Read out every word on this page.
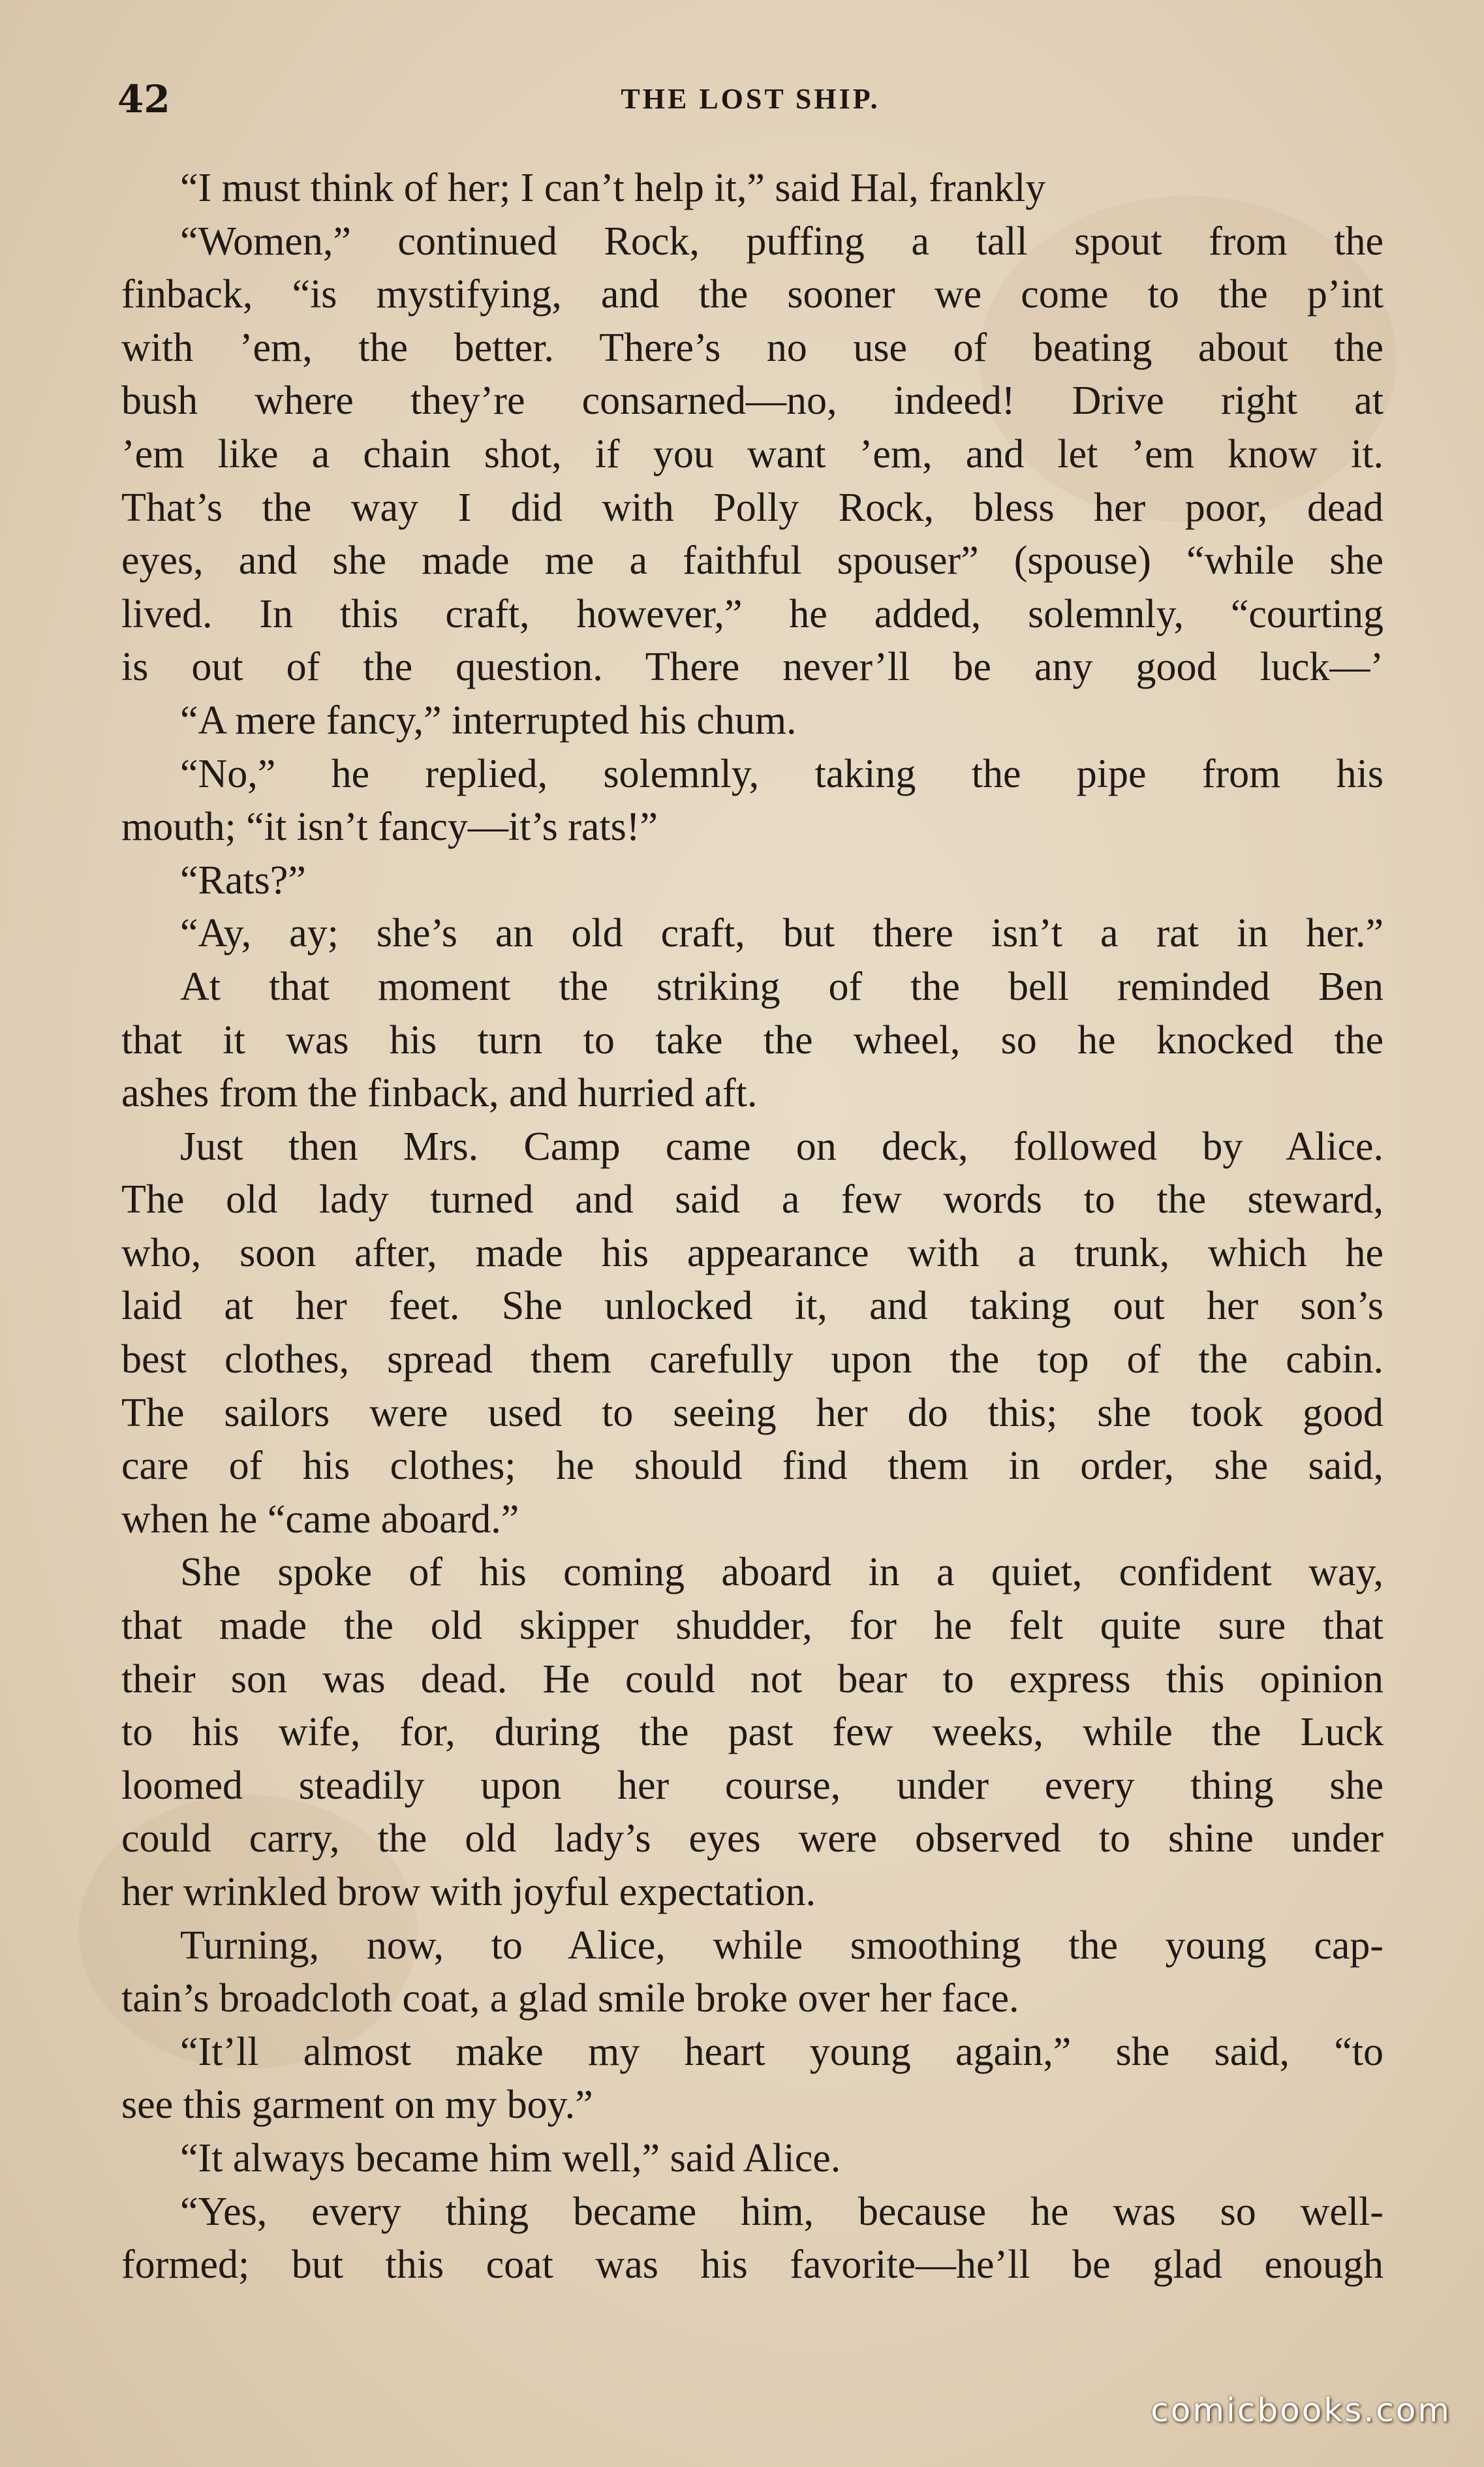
42	THE LOST SHIP.
“I must think of her; I can’t help it,” said Hal, frankly
“Women,” continued Rock, puffing a tall spout from the
finback, “is mystifying, and the sooner we come to the p’int
with ’em, the better. There’s no use of beating about the
bush where they’re consarned—no, indeed! Drive right at
’em like a chain shot, if you want ’em, and let ’em know it.
That’s the way I did with Polly Rock, bless her poor, dead
eyes, and she made me a faithful spouser” (spouse) “while she
lived. In this craft, however,” he added, solemnly, “courting
is out of the question. There never’ll be any good luck—’
“A mere fancy,” interrupted his chum.
“No,” he replied, solemnly, taking the pipe from his
mouth; “it isn’t fancy—it’s rats!”
“Rats?”
“Ay, ay; she’s an old craft, but there isn’t a rat in her.”
At that moment the striking of the bell reminded Ben
that it was his turn to take the wheel, so he knocked the
ashes from the finback, and hurried aft.
Just then Mrs. Camp came on deck, followed by Alice.
The old lady turned and said a few words to the steward,
who, soon after, made his appearance with a trunk, which he
laid at her feet. She unlocked it, and taking out her son’s
best clothes, spread them carefully upon the top of the cabin.
The sailors were used to seeing her do this; she took good
care of his clothes; he should find them in order, she said,
when he “came aboard.”
She spoke of his coming aboard in a quiet, confident way,
that made the old skipper shudder, for he felt quite sure that
their son was dead. He could not bear to express this opinion
to his wife, for, during the past few weeks, while the Luck
loomed steadily upon her course, under every thing she
could carry, the old lady’s eyes were observed to shine under
her wrinkled brow with joyful expectation.
Turning, now, to Alice, while smoothing the young cap-
tain’s broadcloth coat, a glad smile broke over her face.
“It’ll almost make my heart young again,” she said, “to
see this garment on my boy.”
“It always became him well,” said Alice.
“Yes, every thing became him, because he was so well-
formed; but this coat was his favorite—he’ll be glad enough
comicbooks.com
